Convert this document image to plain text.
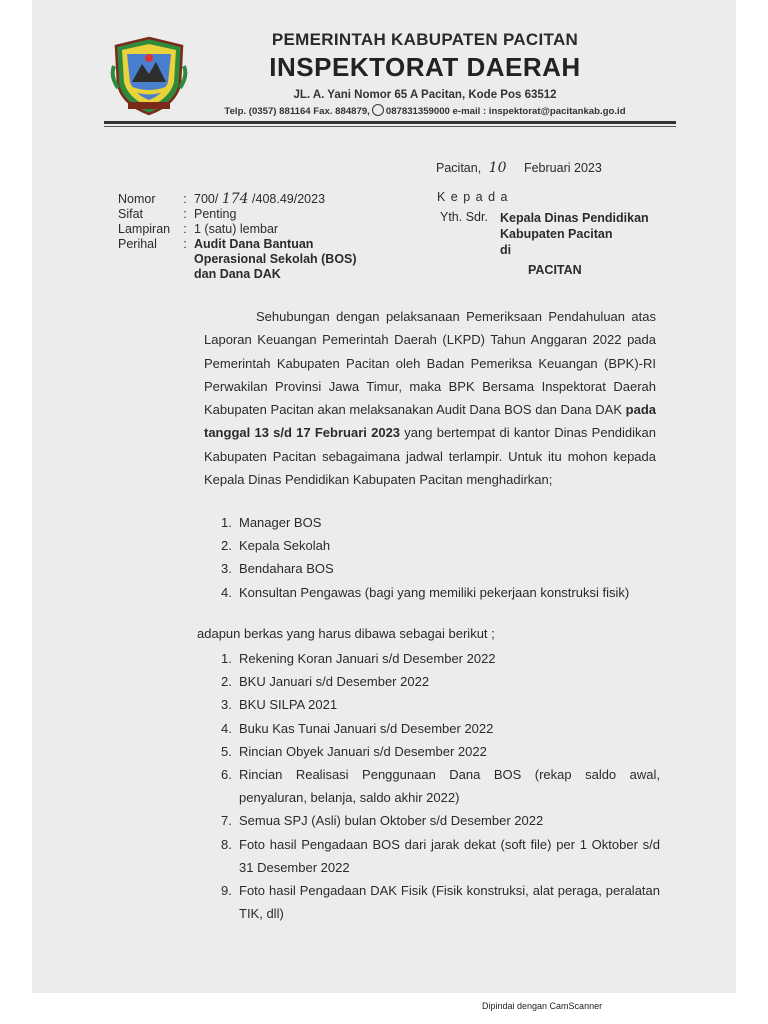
PEMERINTAH KABUPATEN PACITAN
INSPEKTORAT DAERAH
JL. A. Yani Nomor 65 A Pacitan, Kode Pos 63512
Telp. (0357) 881164 Fax. 884879, 087831359000 e-mail : inspektorat@pacitankab.go.id
Pacitan, 10 Februari 2023
Nomor	:	700/ 174 /408.49/2023
Sifat	:	Penting
Lampiran	:	1 (satu) lembar
Perihal	:	Audit Dana Bantuan
Operasional Sekolah (BOS)
dan Dana DAK
K e p a d a
Yth. Sdr. Kepala Dinas Pendidikan
Kabupaten Pacitan
di
PACITAN

Sehubungan dengan pelaksanaan Pemeriksaan Pendahuluan atas Laporan Keuangan Pemerintah Daerah (LKPD) Tahun Anggaran 2022 pada Pemerintah Kabupaten Pacitan oleh Badan Pemeriksa Keuangan (BPK)-RI Perwakilan Provinsi Jawa Timur, maka BPK Bersama Inspektorat Daerah Kabupaten Pacitan akan melaksanakan Audit Dana BOS dan Dana DAK pada tanggal 13 s/d 17 Februari 2023 yang bertempat di kantor Dinas Pendidikan Kabupaten Pacitan sebagaimana jadwal terlampir. Untuk itu mohon kepada Kepala Dinas Pendidikan Kabupaten Pacitan menghadirkan;

1. Manager BOS
2. Kepala Sekolah
3. Bendahara BOS
4. Konsultan Pengawas (bagi yang memiliki pekerjaan konstruksi fisik)
adapun berkas yang harus dibawa sebagai berikut ;
1. Rekening Koran Januari s/d Desember 2022
2. BKU Januari s/d Desember 2022
3. BKU SILPA 2021
4. Buku Kas Tunai Januari s/d Desember 2022
5. Rincian Obyek Januari s/d Desember 2022
6. Rincian Realisasi Penggunaan Dana BOS (rekap saldo awal, penyaluran, belanja, saldo akhir 2022)
7. Semua SPJ (Asli) bulan Oktober s/d Desember 2022
8. Foto hasil Pengadaan BOS dari jarak dekat (soft file) per 1 Oktober s/d 31 Desember 2022
9. Foto hasil Pengadaan DAK Fisik (Fisik konstruksi, alat peraga, peralatan TIK, dll)
Dipindai dengan CamScanner
